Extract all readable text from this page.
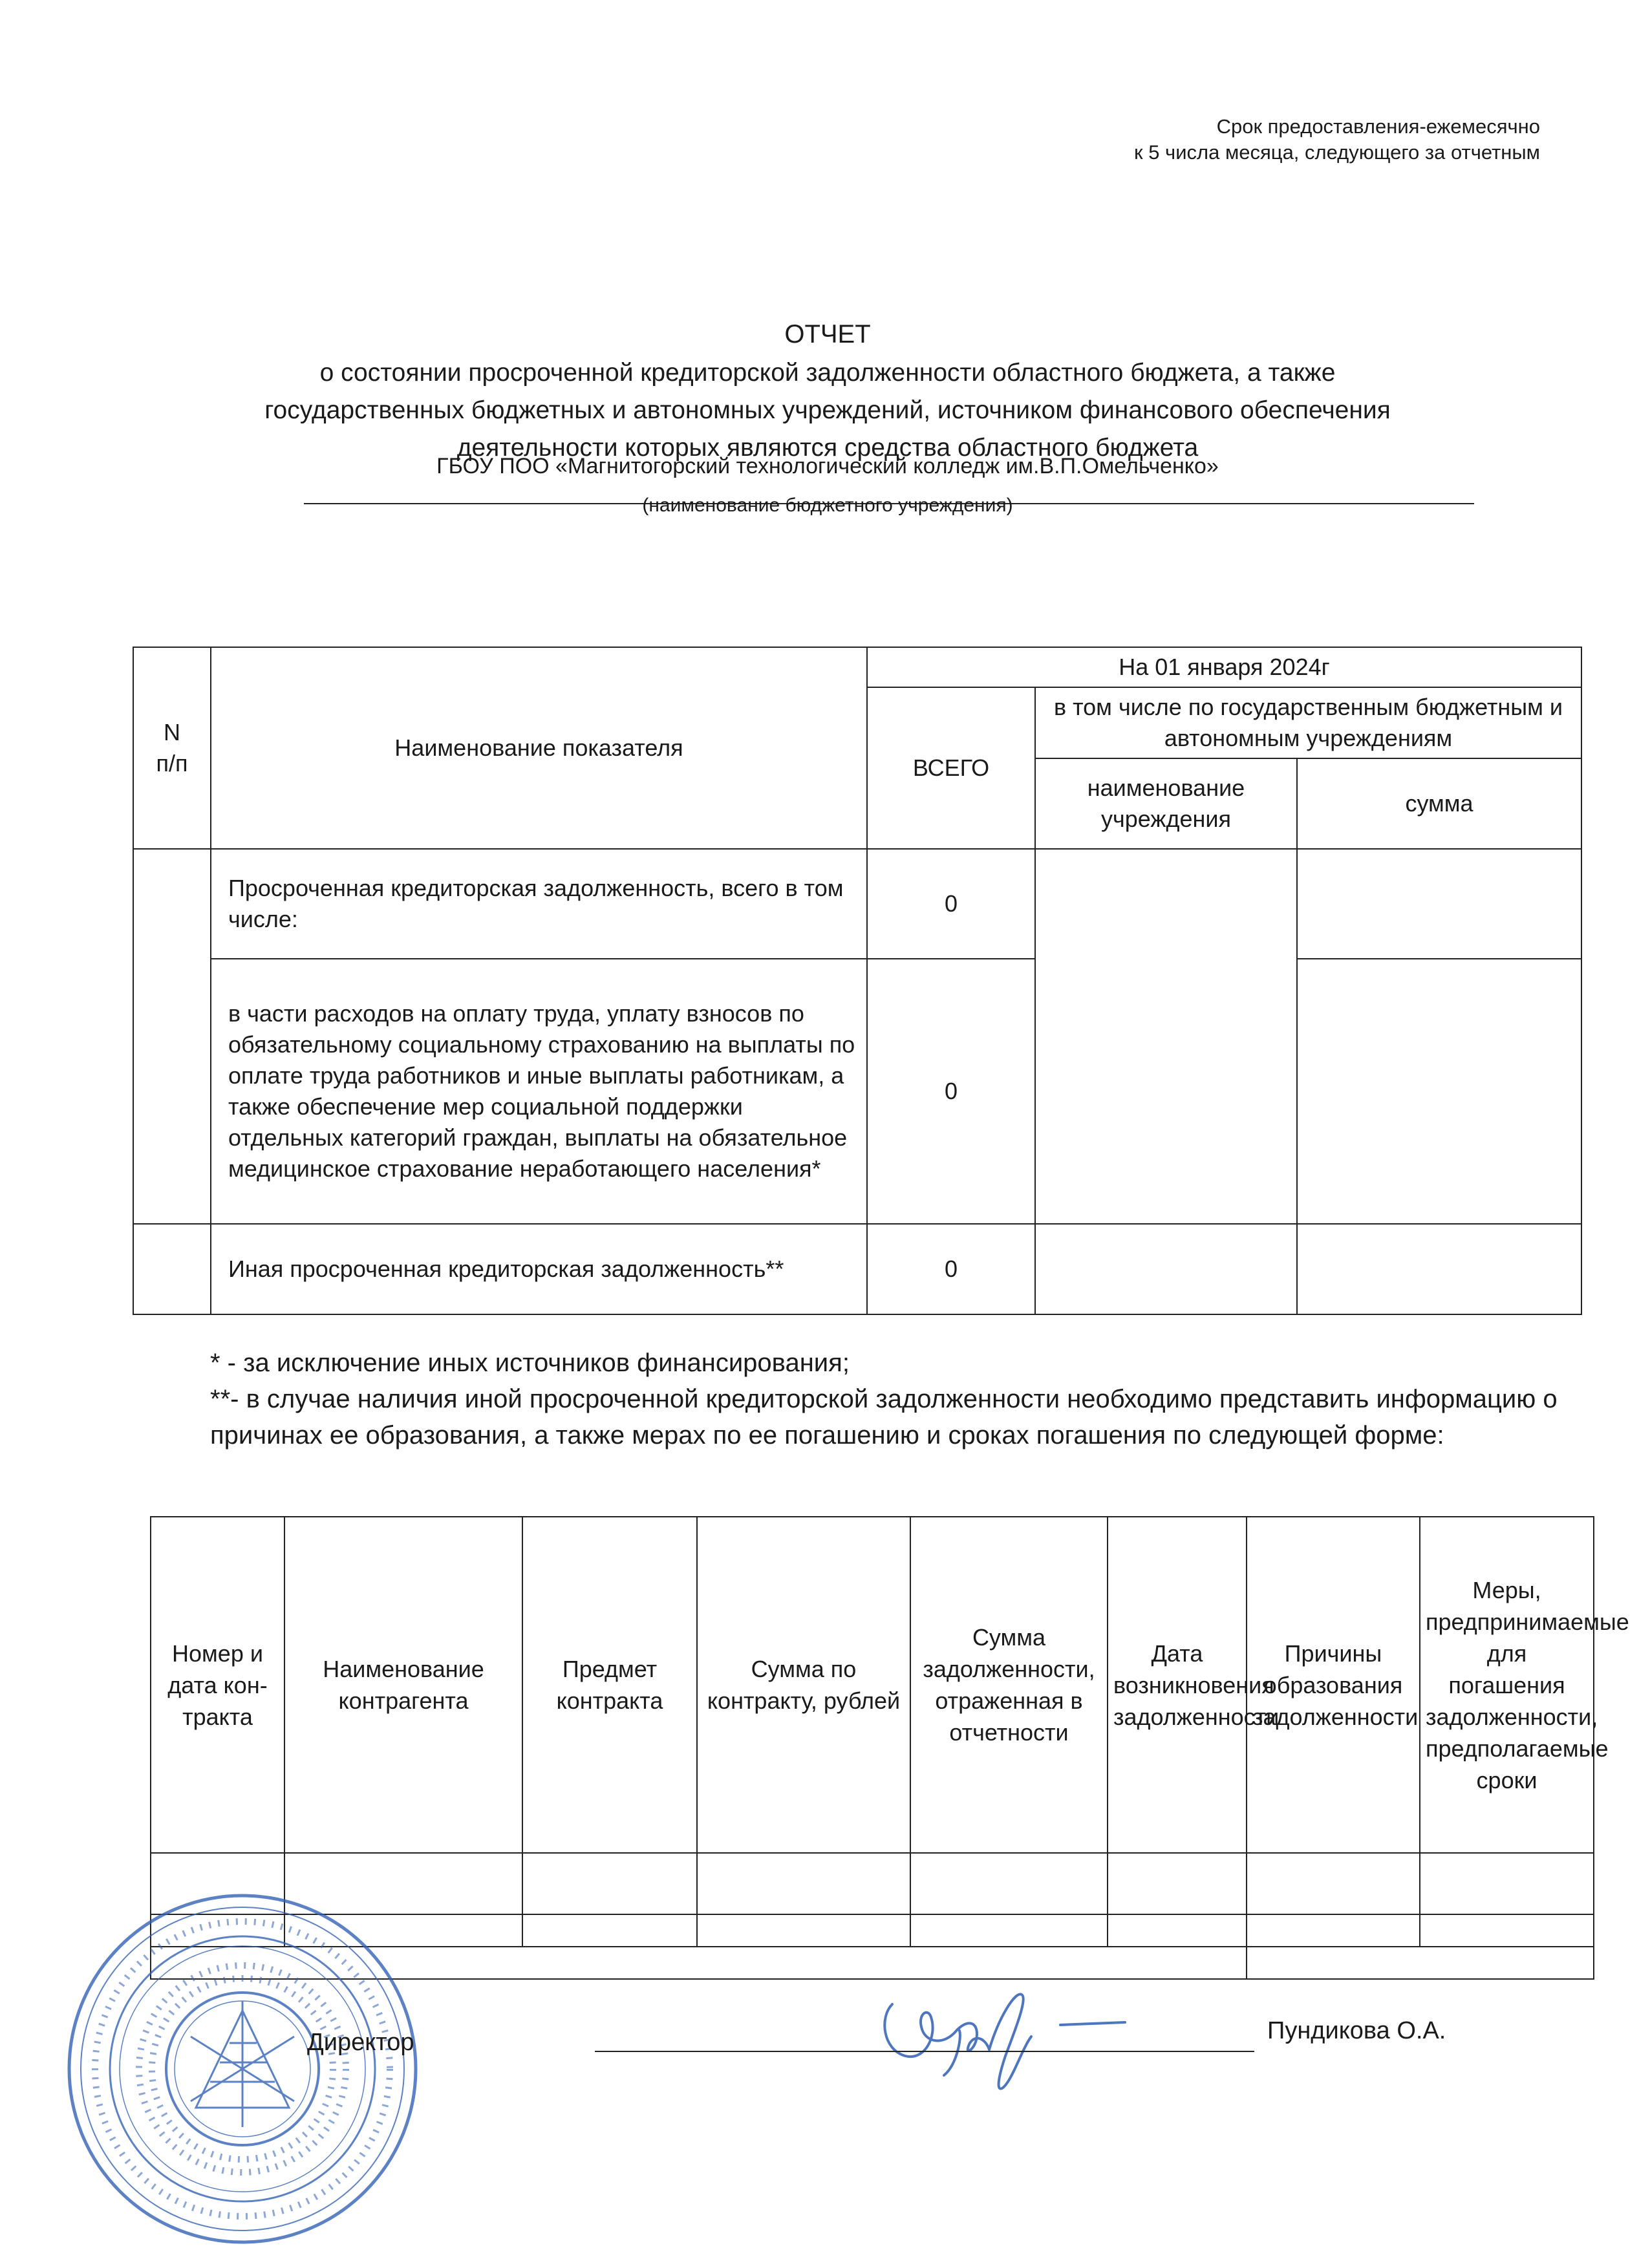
Срок предоставления-ежемесячно
к 5 числа месяца, следующего за отчетным
ОТЧЕТ
о состоянии просроченной кредиторской задолженности областного бюджета, а также
государственных бюджетных и автономных учреждений, источником финансового обеспечения
деятельности которых являются средства областного бюджета
ГБОУ ПОО «Магнитогорский технологический колледж им.В.П.Омельченко»
(наименование бюджетного учреждения)
N
п/п	Наименование показателя	На 01 января 2024г		
		ВСЕГО	в том числе по государственным бюджетным и автономным учреждениям	
			наименование учреждения	сумма
	Просроченная кредиторская задолженность, всего в том числе:	0		
	в части расходов на оплату труда, уплату взносов по обязательному социальному страхованию на выплаты по оплате труда работников и иные выплаты работникам, а также обеспечение мер социальной поддержки отдельных категорий граждан, выплаты на обязательное медицинское страхование неработающего населения*	0		
	Иная просроченная кредиторская задолженность**	0		
* - за исключение иных источников финансирования;
**- в случае наличия иной просроченной кредиторской задолженности необходимо представить информацию о причинах ее образования, а также мерах по ее погашению и сроках погашения по следующей форме:
Номер и дата кон-тракта	Наименование контрагента	Предмет контракта	Сумма по контракту, рублей	Сумма задолженности, отраженная в отчетности	Дата возникновения задолженности	Причины образования задолженности	Меры, предпринимаемые для погашения задолженности, предполагаемые сроки

Директор	Пундикова О.А.
